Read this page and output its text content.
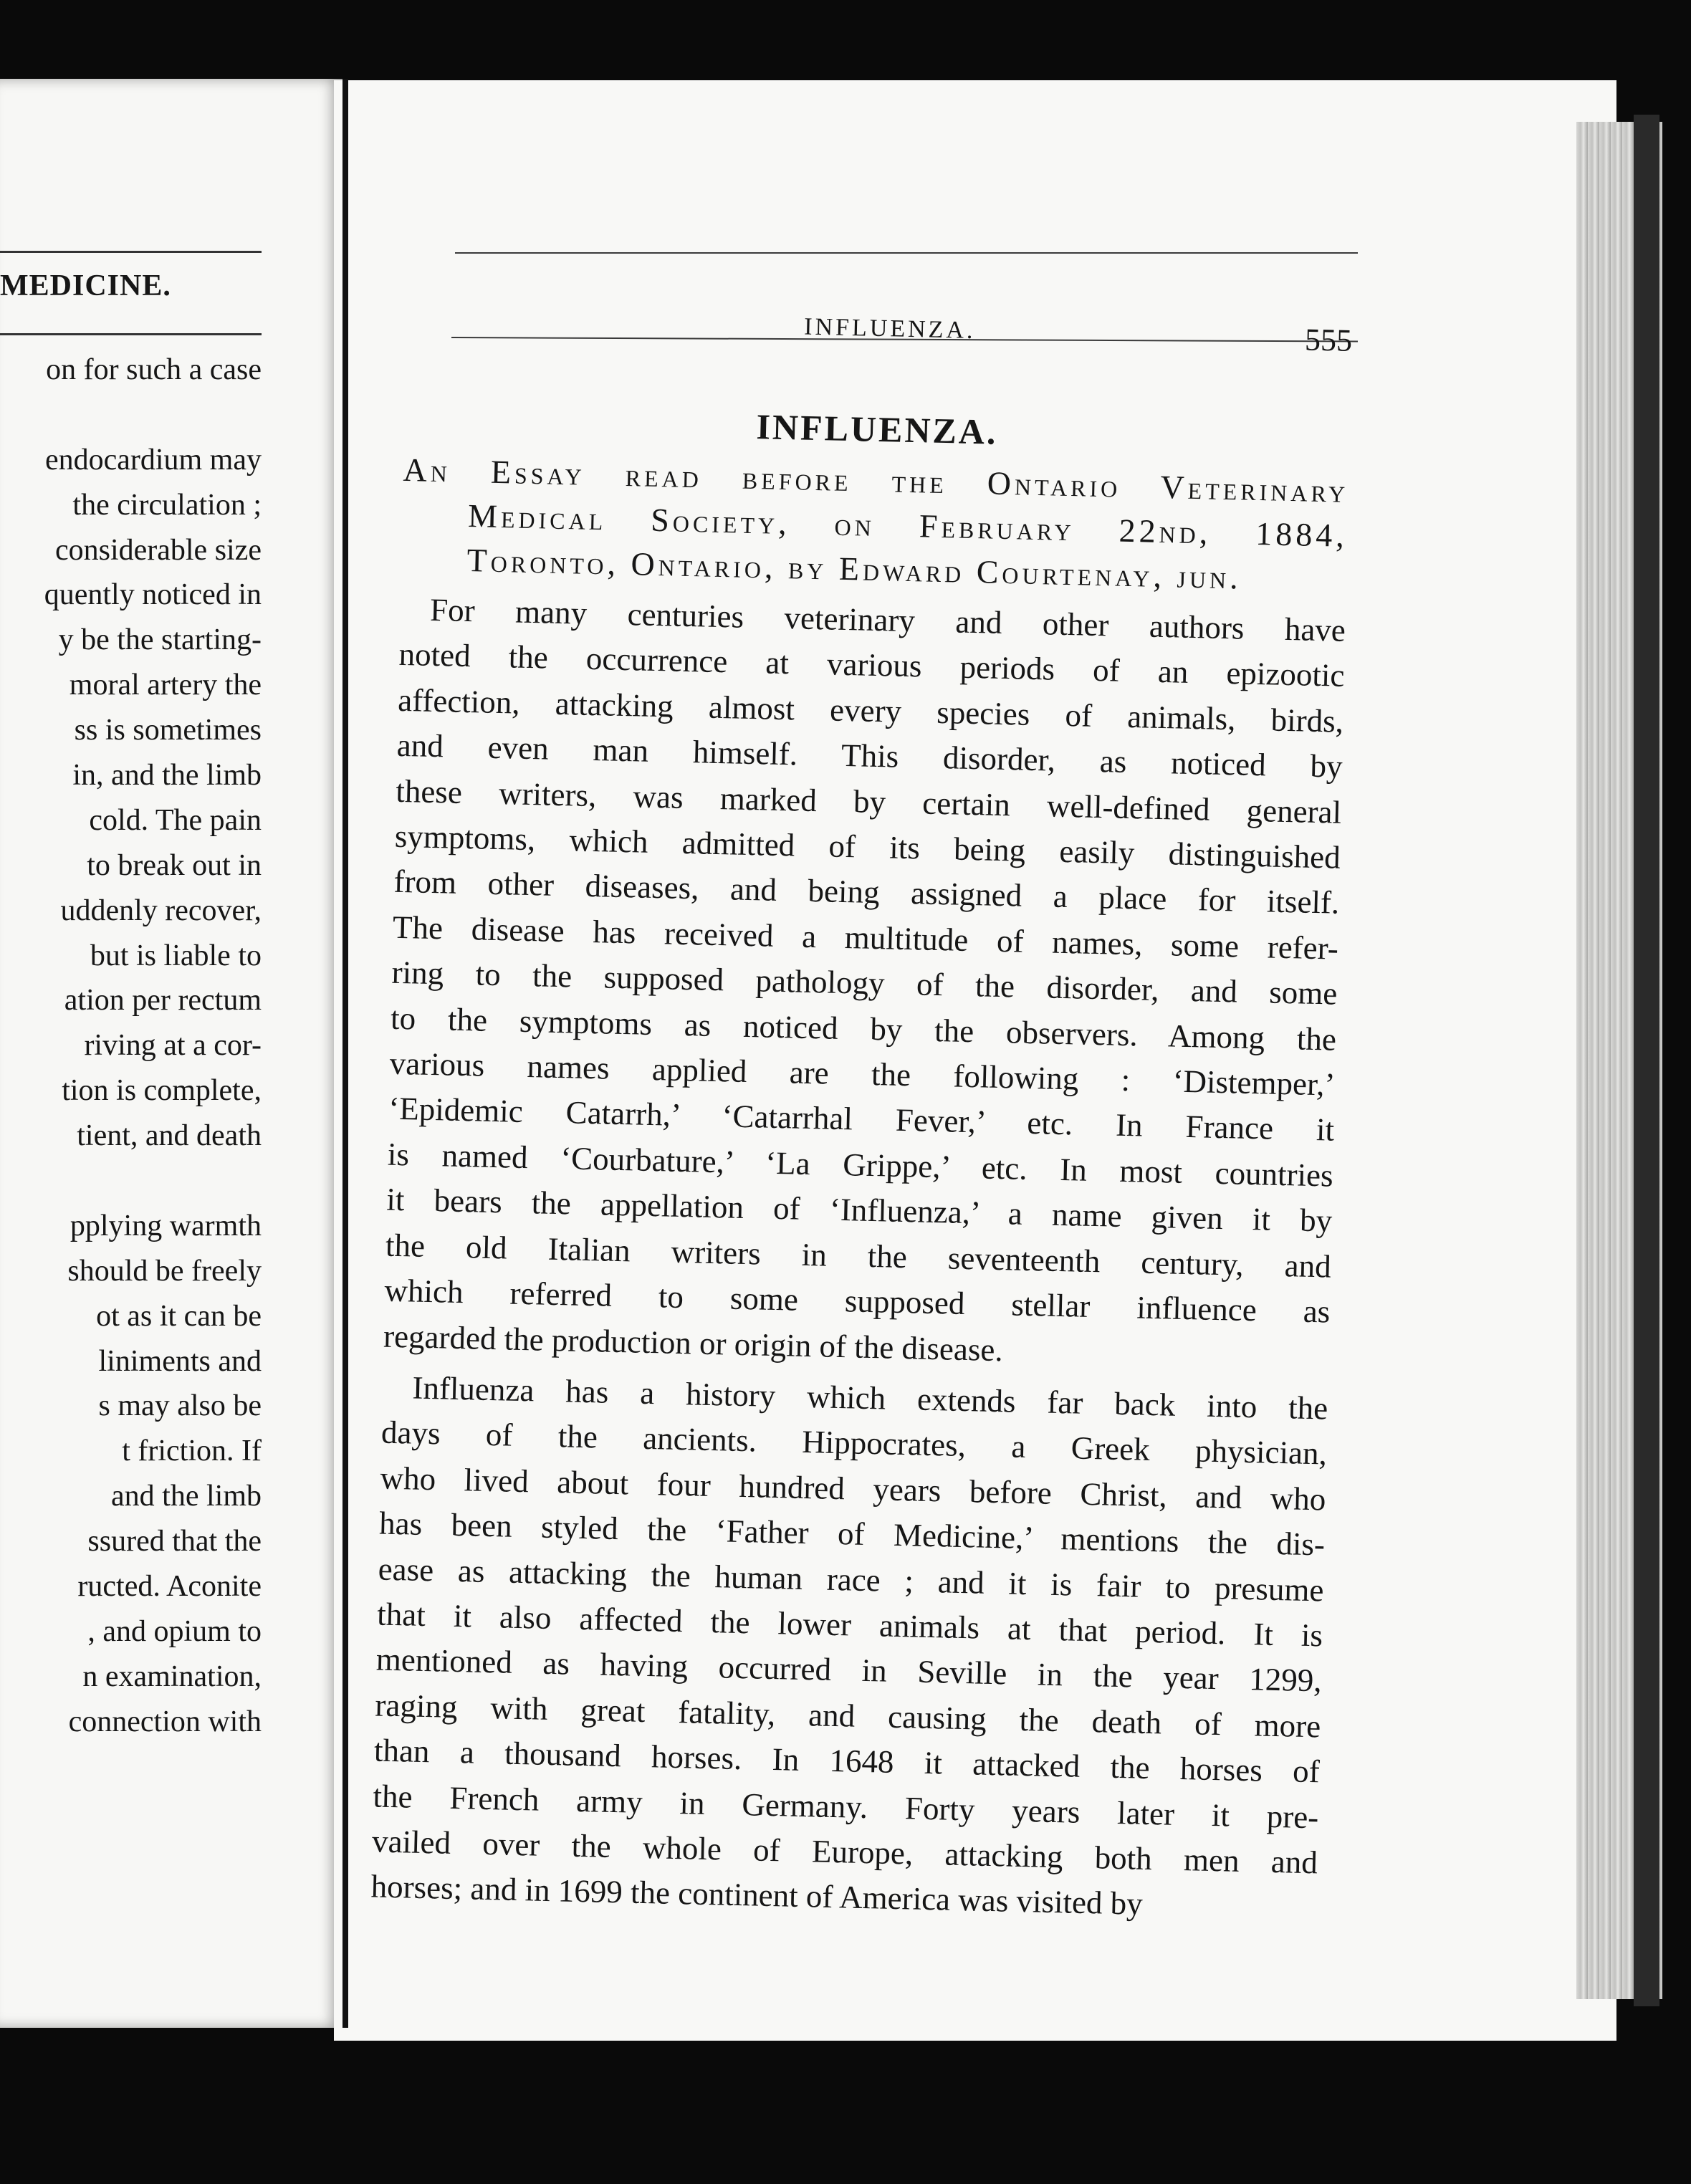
MEDICINE.
on for such a case
endocardium may
the circulation ;
considerable size
quently noticed in
y be the starting-
moral artery the
ss is sometimes
in, and the limb
cold. The pain
to break out in
uddenly recover,
but is liable to
ation per rectum
riving at a cor-
tion is complete,
tient, and death
pplying warmth
should be freely
ot as it can be
liniments and
s may also be
t friction. If
and the limb
ssured that the
ructed. Aconite
, and opium to
n examination,
connection with
INFLUENZA.	555
INFLUENZA.
An Essay read before the Ontario Veterinary
Medical Society, on February 22nd, 1884,
Toronto, Ontario, by Edward Courtenay, jun.
For many centuries veterinary and other authors have
noted the occurrence at various periods of an epizootic
affection, attacking almost every species of animals, birds,
and even man himself. This disorder, as noticed by
these writers, was marked by certain well-defined general
symptoms, which admitted of its being easily distinguished
from other diseases, and being assigned a place for itself.
The disease has received a multitude of names, some refer-
ring to the supposed pathology of the disorder, and some
to the symptoms as noticed by the observers. Among the
various names applied are the following : ‘Distemper,’
‘Epidemic Catarrh,’ ‘Catarrhal Fever,’ etc. In France it
is named ‘Courbature,’ ‘La Grippe,’ etc. In most countries
it bears the appellation of ‘Influenza,’ a name given it by
the old Italian writers in the seventeenth century, and
which referred to some supposed stellar influence as
regarded the production or origin of the disease.
Influenza has a history which extends far back into the
days of the ancients. Hippocrates, a Greek physician,
who lived about four hundred years before Christ, and who
has been styled the ‘Father of Medicine,’ mentions the dis-
ease as attacking the human race ; and it is fair to presume
that it also affected the lower animals at that period. It is
mentioned as having occurred in Seville in the year 1299,
raging with great fatality, and causing the death of more
than a thousand horses. In 1648 it attacked the horses of
the French army in Germany. Forty years later it pre-
vailed over the whole of Europe, attacking both men and
horses; and in 1699 the continent of America was visited by
